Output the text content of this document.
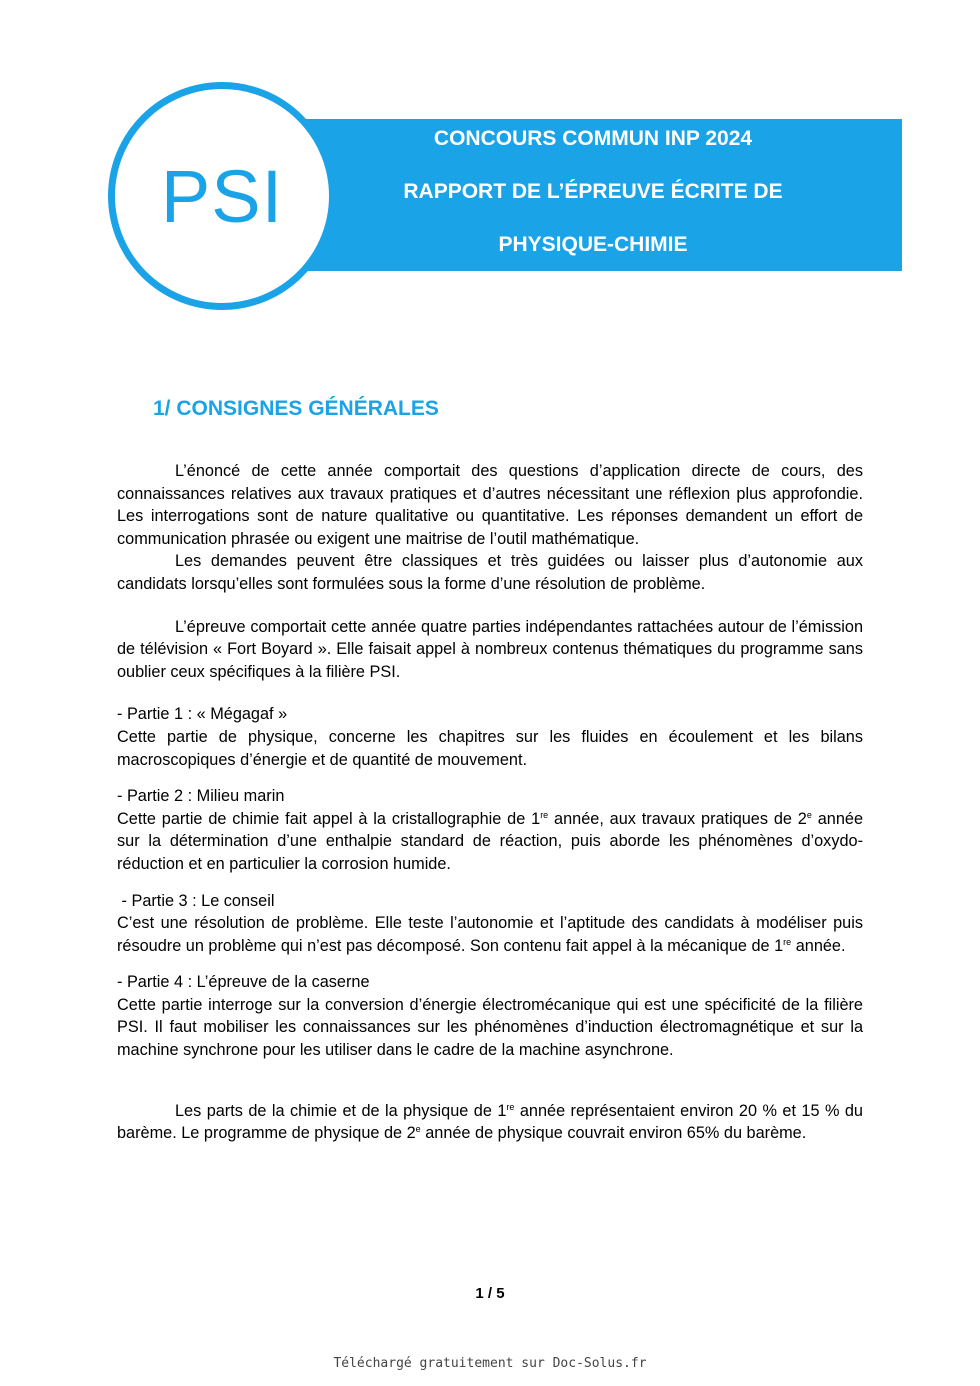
CONCOURS COMMUN INP 2024
RAPPORT DE L’ÉPREUVE ÉCRITE DE
PHYSIQUE-CHIMIE
PSI
1/ CONSIGNES GÉNÉRALES

L’énoncé de cette année comportait des questions d’application directe de cours, des connaissances relatives aux travaux pratiques et d’autres nécessitant une réflexion plus approfondie. Les interrogations sont de nature qualitative ou quantitative. Les réponses demandent un effort de communication phrasée ou exigent une maitrise de l’outil mathématique.

Les demandes peuvent être classiques et très guidées ou laisser plus d’autonomie aux candidats lorsqu’elles sont formulées sous la forme d’une résolution de problème.

L’épreuve comportait cette année quatre parties indépendantes rattachées autour de l’émission de télévision « Fort Boyard ». Elle faisait appel à nombreux contenus thématiques du programme sans oublier ceux spécifiques à la filière PSI.

- Partie 1 : « Mégagaf »

Cette partie de physique, concerne les chapitres sur les fluides en écoulement et les bilans macroscopiques d’énergie et de quantité de mouvement.

- Partie 2 : Milieu marin

Cette partie de chimie fait appel à la cristallographie de 1re année, aux travaux pratiques de 2e année sur la détermination d’une enthalpie standard de réaction, puis aborde les phénomènes d’oxydo-réduction et en particulier la corrosion humide.

- Partie 3 : Le conseil

C’est une résolution de problème. Elle teste l’autonomie et l’aptitude des candidats à modéliser puis résoudre un problème qui n’est pas décomposé. Son contenu fait appel à la mécanique de 1re année.

- Partie 4 : L’épreuve de la caserne

Cette partie interroge sur la conversion d’énergie électromécanique qui est une spécificité de la filière PSI. Il faut mobiliser les connaissances sur les phénomènes d’induction électromagnétique et sur la machine synchrone pour les utiliser dans le cadre de la machine asynchrone.

Les parts de la chimie et de la physique de 1re année représentaient environ 20 % et 15 % du barème. Le programme de physique de 2e année de physique couvrait environ 65% du barème.

1 / 5
Téléchargé gratuitement sur Doc-Solus.fr
